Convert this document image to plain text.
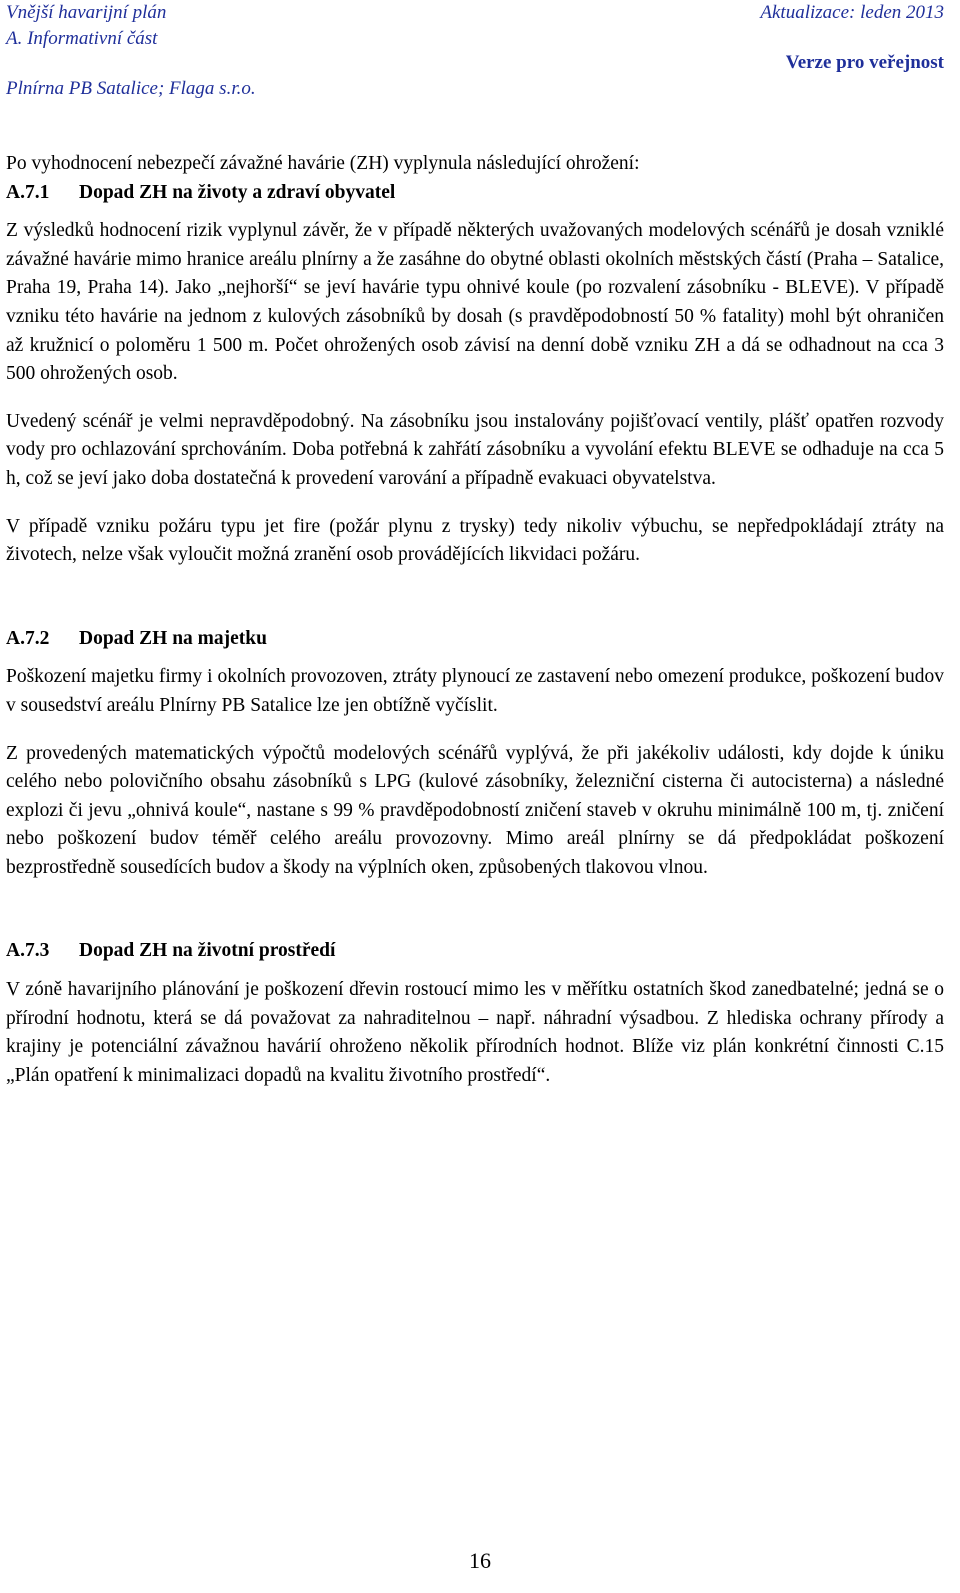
Vnější havarijní plán
A. Informativní část
Plnírna PB Satalice; Flaga s.r.o.
Aktualizace: leden 2013
Verze pro veřejnost

Po vyhodnocení nebezpečí závažné havárie (ZH) vyplynula následující ohrožení:

A.7.1 Dopad ZH na životy a zdraví obyvatel

Z výsledků hodnocení rizik vyplynul závěr, že v případě některých uvažovaných modelových scénářů je dosah vzniklé závažné havárie mimo hranice areálu plnírny a že zasáhne do obytné oblasti okolních městských částí (Praha – Satalice, Praha 19, Praha 14). Jako „nejhorší“ se jeví havárie typu ohnivé koule (po rozvalení zásobníku - BLEVE). V případě vzniku této havárie na jednom z kulových zásobníků by dosah (s pravděpodobností 50 % fatality) mohl být ohraničen až kružnicí o poloměru 1 500 m. Počet ohrožených osob závisí na denní době vzniku ZH a dá se odhadnout na cca 3 500 ohrožených osob.

Uvedený scénář je velmi nepravděpodobný. Na zásobníku jsou instalovány pojišťovací ventily, plášť opatřen rozvody vody pro ochlazování sprchováním. Doba potřebná k zahřátí zásobníku a vyvolání efektu BLEVE se odhaduje na cca 5 h, což se jeví jako doba dostatečná k provedení varování a případně evakuaci obyvatelstva.

V případě vzniku požáru typu jet fire (požár plynu z trysky) tedy nikoliv výbuchu, se nepředpokládají ztráty na životech, nelze však vyloučit možná zranění osob provádějících likvidaci požáru.

A.7.2 Dopad ZH na majetku

Poškození majetku firmy i okolních provozoven, ztráty plynoucí ze zastavení nebo omezení produkce, poškození budov v sousedství areálu Plnírny PB Satalice lze jen obtížně vyčíslit.

Z provedených matematických výpočtů modelových scénářů vyplývá, že při jakékoliv události, kdy dojde k úniku celého nebo polovičního obsahu zásobníků s LPG (kulové zásobníky, železniční cisterna či autocisterna) a následné explozi či jevu „ohnivá koule“, nastane s 99 % pravděpodobností zničení staveb v okruhu minimálně 100 m, tj. zničení nebo poškození budov téměř celého areálu provozovny. Mimo areál plnírny se dá předpokládat poškození bezprostředně sousedících budov a škody na výplních oken, způsobených tlakovou vlnou.

A.7.3 Dopad ZH na životní prostředí

V zóně havarijního plánování je poškození dřevin rostoucí mimo les v měřítku ostatních škod zanedbatelné; jedná se o přírodní hodnotu, která se dá považovat za nahraditelnou – např. náhradní výsadbou. Z hlediska ochrany přírody a krajiny je potenciální závažnou havárií ohroženo několik přírodních hodnot. Blíže viz plán konkrétní činnosti C.15 „Plán opatření k minimalizaci dopadů na kvalitu životního prostředí“.

16
